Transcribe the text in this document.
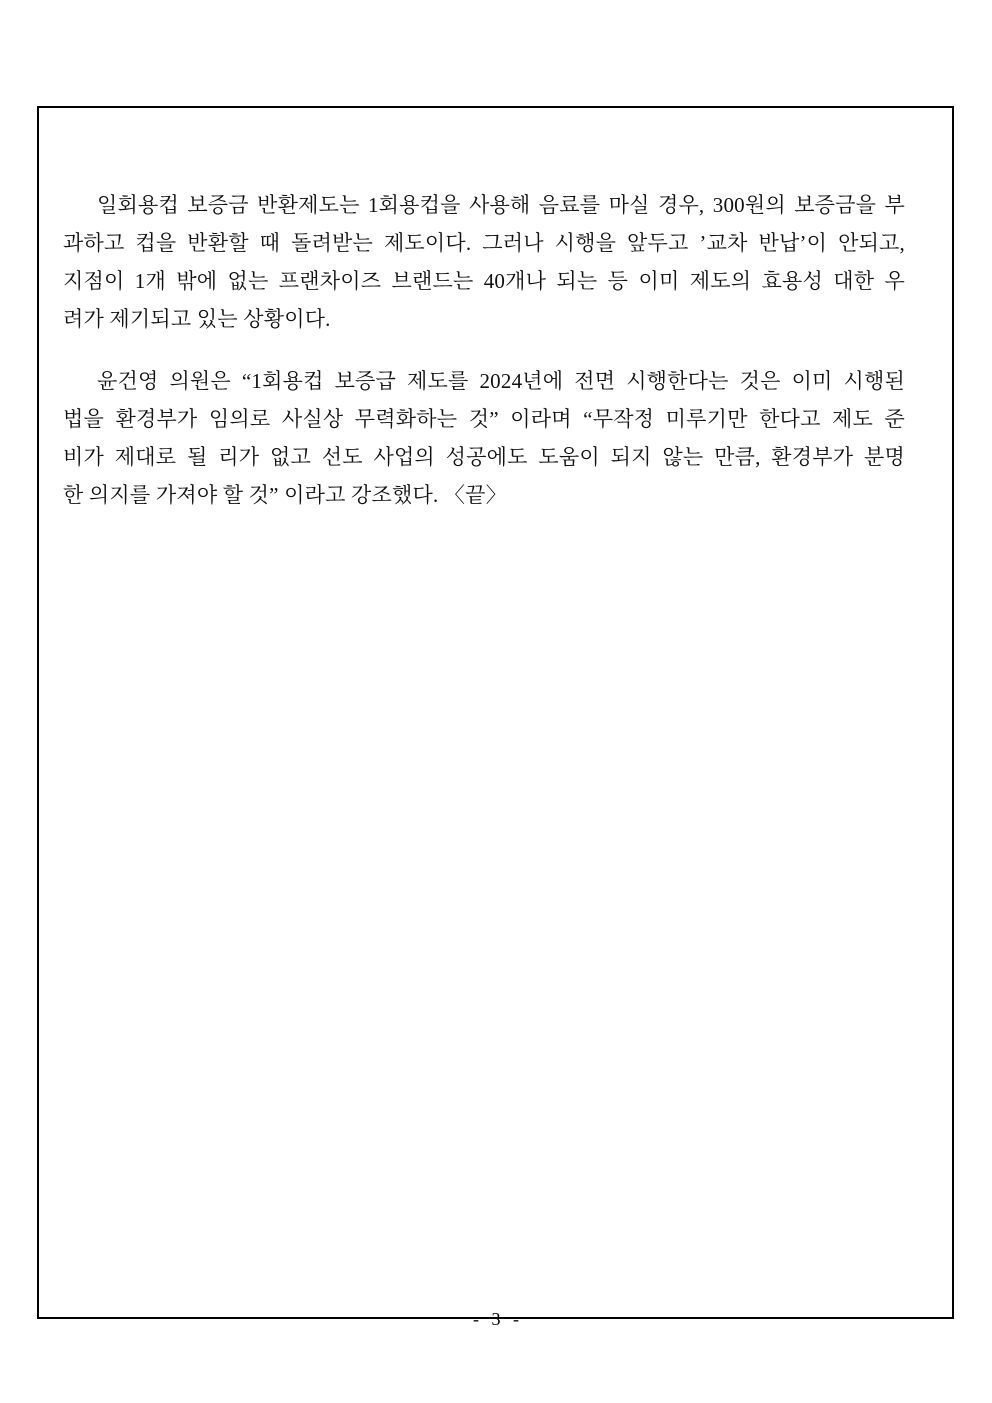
일회용컵 보증금 반환제도는 1회용컵을 사용해 음료를 마실 경우, 300원의 보증금을 부
과하고 컵을 반환할 때 돌려받는 제도이다. 그러나 시행을 앞두고 ’교차 반납’이 안되고,
지점이 1개 밖에 없는 프랜차이즈 브랜드는 40개나 되는 등 이미 제도의 효용성 대한 우
려가 제기되고 있는 상황이다.
윤건영 의원은 “1회용컵 보증급 제도를 2024년에 전면 시행한다는 것은 이미 시행된
법을 환경부가 임의로 사실상 무력화하는 것” 이라며 “무작정 미루기만 한다고 제도 준
비가 제대로 될 리가 없고 선도 사업의 성공에도 도움이 되지 않는 만큼, 환경부가 분명
한 의지를 가져야 할 것” 이라고 강조했다. 〈끝〉
- 3 -
